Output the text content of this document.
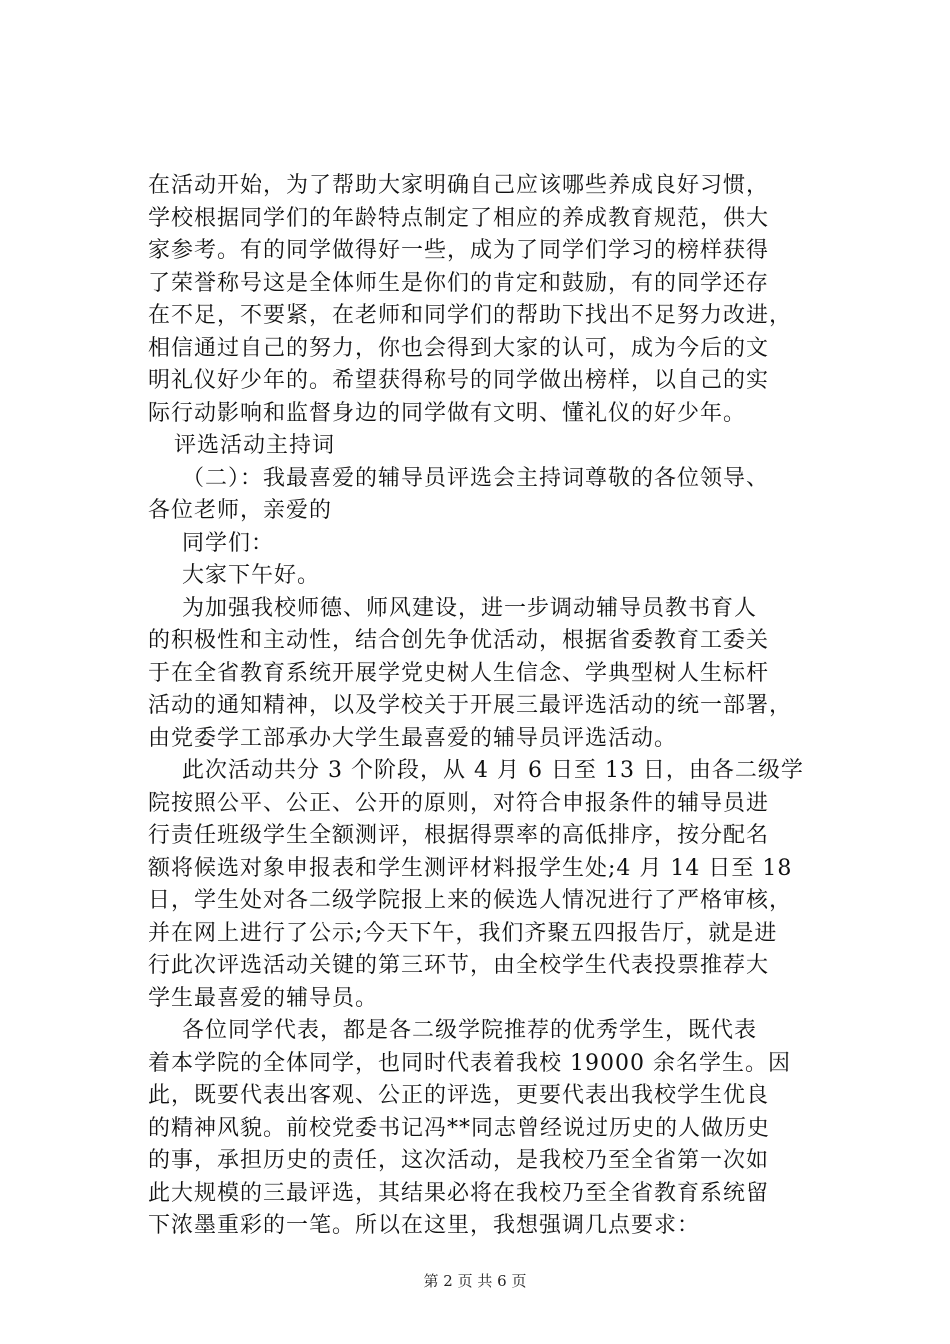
在活动开始，为了帮助大家明确自己应该哪些养成良好习惯，
学校根据同学们的年龄特点制定了相应的养成教育规范，供大
家参考。有的同学做得好一些，成为了同学们学习的榜样获得
了荣誉称号这是全体师生是你们的肯定和鼓励，有的同学还存
在不足，不要紧，在老师和同学们的帮助下找出不足努力改进，
相信通过自己的努力，你也会得到大家的认可，成为今后的文
明礼仪好少年的。希望获得称号的同学做出榜样，以自己的实
际行动影响和监督身边的同学做有文明、懂礼仪的好少年。
评选活动主持词
（二）：我最喜爱的辅导员评选会主持词尊敬的各位领导、
各位老师，亲爱的
同学们：
大家下午好。
为加强我校师德、师风建设，进一步调动辅导员教书育人
的积极性和主动性，结合创先争优活动，根据省委教育工委关
于在全省教育系统开展学党史树人生信念、学典型树人生标杆
活动的通知精神，以及学校关于开展三最评选活动的统一部署，
由党委学工部承办大学生最喜爱的辅导员评选活动。
此次活动共分 3 个阶段，从 4 月 6 日至 13 日，由各二级学
院按照公平、公正、公开的原则，对符合申报条件的辅导员进
行责任班级学生全额测评，根据得票率的高低排序，按分配名
额将候选对象申报表和学生测评材料报学生处;4 月 14 日至 18
日，学生处对各二级学院报上来的候选人情况进行了严格审核，
并在网上进行了公示;今天下午，我们齐聚五四报告厅，就是进
行此次评选活动关键的第三环节，由全校学生代表投票推荐大
学生最喜爱的辅导员。
各位同学代表，都是各二级学院推荐的优秀学生，既代表
着本学院的全体同学，也同时代表着我校 19000 余名学生。因
此，既要代表出客观、公正的评选，更要代表出我校学生优良
的精神风貌。前校党委书记冯**同志曾经说过历史的人做历史
的事，承担历史的责任，这次活动，是我校乃至全省第一次如
此大规模的三最评选，其结果必将在我校乃至全省教育系统留
下浓墨重彩的一笔。所以在这里，我想强调几点要求：
第 2 页 共 6 页
